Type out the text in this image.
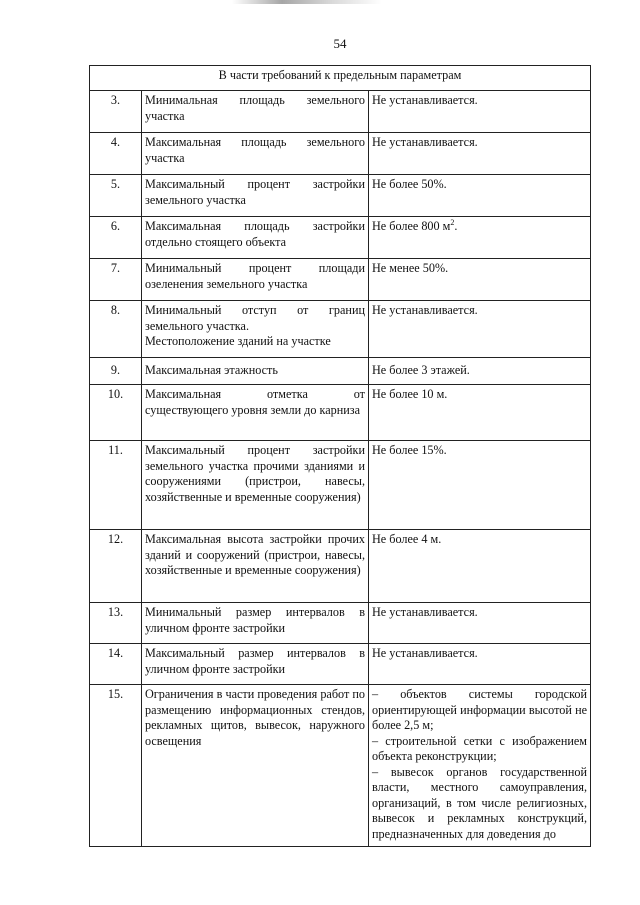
54
В части требований к предельным параметрам		
3.	Минимальная площадь земельного участка	Не устанавливается.
4.	Максимальная площадь земельного участка	Не устанавливается.
5.	Максимальный процент застройки земельного участка	Не более 50%.
6.	Максимальная площадь застройки отдельно стоящего объекта	Не более 800 $м^2$.
7.	Минимальный процент площади озеленения земельного участка	Не менее 50%.
8.	Минимальный отступ от границ земельного участка.
Местоположение зданий на участке	Не устанавливается.
9.	Максимальная этажность	Не более 3 этажей.
10.	Максимальная отметка от существующего уровня земли до карниза	Не более 10 м.
11.	Максимальный процент застройки земельного участка прочими зданиями и сооружениями (пристрои, навесы, хозяйственные и временные сооружения)	Не более 15%.
12.	Максимальная высота застройки прочих зданий и сооружений (пристрои, навесы, хозяйственные и временные сооружения)	Не более 4 м.
13.	Минимальный размер интервалов в уличном фронте застройки	Не устанавливается.
14.	Максимальный размер интервалов в уличном фронте застройки	Не устанавливается.
15.	Ограничения в части проведения работ по размещению информационных стендов, рекламных щитов, вывесок, наружного освещения	– объектов системы городской ориентирующей информации высотой не более 2,5 м;
– строительной сетки с изображением объекта реконструкции;
– вывесок органов государственной власти, местного самоуправления, организаций, в том числе религиозных, вывесок и рекламных конструкций, предназначенных для доведения до
